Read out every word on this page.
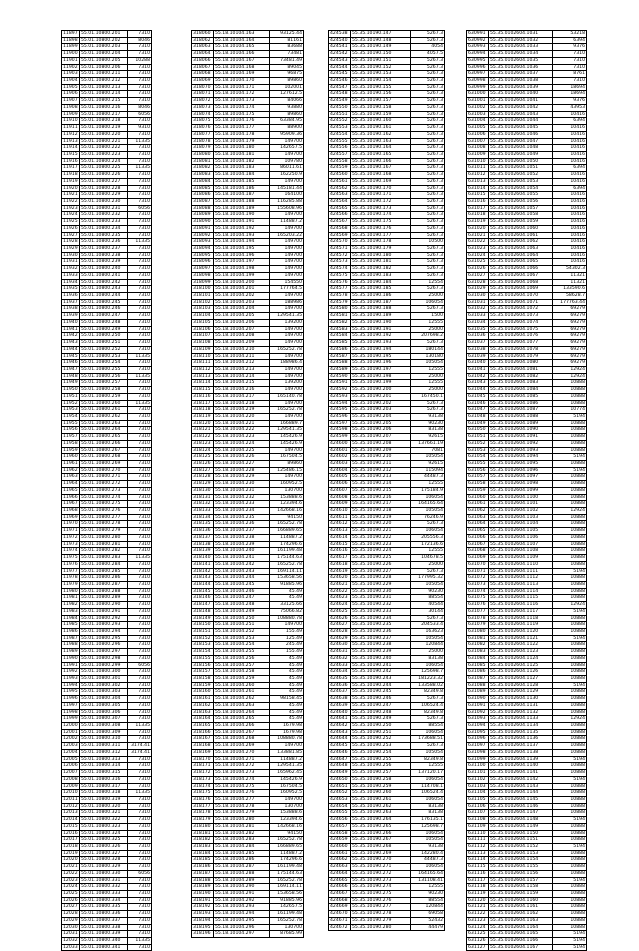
11897	55.01.10800.201	7310
11898	55.01.10800.202	8046
11899	55.01.10800.203	7310
11900	55.01.10800.204	7310
11901	55.01.10800.205	10288
11902	55.01.10800.206	7310
11903	55.01.10800.211	7310
11904	55.01.10800.212	7310
11905	55.01.10800.213	7310
11906	55.01.10800.214	7310
11907	55.01.10800.215	7310
11908	55.01.10800.216	8046
11909	55.01.10800.217	6056
11910	55.01.10800.218	7310
11911	55.01.10800.219	9310
11912	55.01.10800.220	7310
11913	55.01.10800.221	11335
11914	55.01.10800.222	7310
11915	55.01.10800.223	7310
11916	55.01.10800.224	7310
11917	55.01.10800.225	11335
11918	55.01.10800.226	7310
11919	55.01.10800.227	7310
11920	55.01.10800.228	7310
11921	55.01.10800.229	7310
11922	55.01.10800.230	7310
11923	55.01.10800.231	6056
11924	55.01.10800.232	7310
11925	55.01.10800.233	7310
11926	55.01.10800.234	7310
11927	55.01.10800.235	7310
11928	55.01.10800.236	11335
11929	55.01.10800.237	7310
11930	55.01.10800.238	7310
11931	55.01.10800.239	7310
11932	55.01.10800.240	7310
11933	55.01.10800.241	7310
11934	55.01.10800.242	7310
11935	55.01.10800.243	7310
11936	55.01.10800.244	7310
11937	55.01.10800.245	7310
11938	55.01.10800.246	7310
11939	55.01.10800.247	7310
11940	55.01.10800.248	7310
11941	55.01.10800.249	7310
11942	55.01.10800.250	7310
11943	55.01.10800.251	7310
11944	55.01.10800.252	7310
11945	55.01.10800.253	11335
11946	55.01.10800.254	7310
11947	55.01.10800.255	7310
11948	55.01.10800.256	11335
11949	55.01.10800.257	7310
11950	55.01.10800.258	7310
11951	55.01.10800.259	7310
11952	55.01.10800.260	11335
11953	55.01.10800.261	7310
11954	55.01.10800.262	7310
11955	55.01.10800.263	7310
11956	55.01.10800.264	7310
11957	55.01.10800.265	7310
11958	55.01.10800.266	7310
11959	55.01.10800.267	7310
11960	55.01.10800.268	7310
11961	55.01.10800.269	7310
11962	55.01.10800.270	7310
11963	55.01.10800.271	7310
11964	55.01.10800.272	7310
11965	55.01.10800.273	7310
11966	55.01.10800.274	7310
11967	55.01.10800.275	7310
11968	55.01.10800.276	7310
11969	55.01.10800.277	7310
11970	55.01.10800.278	7310
11971	55.01.10800.279	7310
11972	55.01.10800.280	7310
11973	55.01.10800.281	7310
11974	55.01.10800.282	7310
11975	55.01.10800.283	11335
11976	55.01.10800.284	7310
11977	55.01.10800.285	7310
11978	55.01.10800.286	7310
11979	55.01.10800.287	7310
11980	55.01.10800.288	7310
11981	55.01.10800.289	7310
11982	55.01.10800.290	7310
11983	55.01.10800.291	7310
11984	55.01.10800.292	7310
11985	55.01.10800.293	7310
11986	55.01.10800.294	7310
11987	55.01.10800.295	7310
11988	55.01.10800.296	7310
11989	55.01.10800.297	7310
11990	55.01.10800.298	7310
11991	55.01.10800.299	6056
11992	55.01.10800.300	7310
11993	55.01.10800.301	7310
11994	55.01.10800.302	7310
11995	55.01.10800.303	7310
11996	55.01.10800.304	7310
11997	55.01.10800.305	7310
11998	55.01.10800.306	7310
11999	55.01.10800.307	7310
12000	55.01.10800.308	11335
12001	55.01.10800.309	7310
12002	55.01.10800.310	7310
12003	55.01.10800.311	3174.41
12004	55.01.10800.312	3174.41
12005	55.01.10800.313	7310
12006	55.01.10800.314	7310
12007	55.01.10800.315	7310
12008	55.01.10800.316	7310
12009	55.01.10800.317	7310
12010	55.01.10800.318	11335
12011	55.01.10800.319	7310
12012	55.01.10800.320	7310
12013	55.01.10800.321	7310
12014	55.01.10800.322	7310
12015	55.01.10800.323	7310
12016	55.01.10800.324	7310
12017	55.01.10800.325	7310
12018	55.01.10800.326	7310
12019	55.01.10800.327	7310
12020	55.01.10800.328	7310
12021	55.01.10800.329	7310
12022	55.01.10800.330	6056
12023	55.01.10800.331	7310
12024	55.01.10800.332	7310
12025	55.01.10800.333	7310
12026	55.01.10800.334	7310
12027	55.01.10800.335	7310
12028	55.01.10800.336	7310
12029	55.01.10800.337	7310
12030	55.01.10800.338	7310
12031	55.01.10800.339	7310
12032	55.01.10800.340	11335
12033	55.01.10800.341	7310
318060	55.18.10104.163	93125.44
318062	55.18.10104.164	81161
318063	55.18.10104.165	83688
318064	55.18.10104.166	73481
318066	55.18.10104.167	73481.49
318067	55.18.10104.168	89045
318068	55.18.10104.169	96875
318069	55.18.10104.170	89860
318070	55.18.10104.171	102001
318071	55.18.10104.172	127612.5
318072	55.18.10104.173	84066
318073	55.18.10104.174	93880
318074	55.18.10104.175	89860
318075	55.18.10104.176	63384.95
318076	55.18.10104.177	88900
318077	55.18.10104.178	95909.36
318078	55.18.10104.179	149700
318079	55.18.10104.180	142657.5
318080	55.18.10104.181	149700
318081	55.18.10104.182	109780
318082	55.18.10104.183	86011.61
318083	55.18.10104.184	162250.9
318084	55.18.10104.185	149700
318085	55.18.10104.186	145181.44
318086	55.18.10104.187	164100
318087	55.18.10104.188	116285.88
318088	55.18.10104.189	155608.96
318089	55.18.10104.190	149700
318090	55.18.10104.191	114887.2
318091	55.18.10104.192	149700
318092	55.18.10104.193	165203.22
318093	55.18.10104.194	149700
318094	55.18.10104.195	149700
318095	55.18.10104.196	149700
318096	55.18.10104.197	149700
318097	55.18.10104.198	149700
318098	55.18.10104.199	149700
318099	55.18.10104.200	154550
318100	55.18.10104.201	177764.5
318101	55.18.10104.202	149700
318102	55.18.10104.203	188986
318103	55.18.10104.204	149700
318104	55.18.10104.205	129541.35
318105	55.18.10104.206	139200
318106	55.18.10104.207	149700
318107	55.18.10104.208	149700
318108	55.18.10104.209	149700
318109	55.18.10104.210	165252.78
318110	55.18.10104.211	149700
318111	55.18.10104.212	188986.4
318112	55.18.10104.213	149700
318113	55.18.10104.214	149700
318114	55.18.10104.215	139200
318115	55.18.10104.216	149700
318116	55.18.10104.217	165140.78
318117	55.18.10104.218	149700
318118	55.18.10104.219	165252.78
318119	55.18.10104.220	149700
318120	55.18.10104.221	166889.7
318121	55.18.10104.222	129541.35
318122	55.18.10104.223	145426.9
318123	55.18.10104.224	145426.9
318124	55.18.10104.225	149700
318125	55.18.10104.226	167504.5
318126	55.18.10104.227	89860
318127	55.18.10104.228	125486.15
318128	55.18.10104.229	149700
318129	55.18.10104.230	160952.5
318130	55.18.10104.231	130700
318131	55.18.10104.232	153888.6
318132	55.18.10104.233	123394.6
318133	55.18.10104.234	142668.16
318134	55.18.10104.235	94150
318135	55.18.10104.236	165252.78
318136	55.18.10104.237	166889.65
318137	55.18.10104.238	114887.2
318138	55.18.10104.239	174296.6
318139	55.18.10104.240	161199.48
318140	55.18.10104.241	175144.63
318141	55.18.10104.242	165252.78
318142	55.18.10104.243	169114.11
318143	55.18.10104.244	153658.56
318144	55.18.10104.245	91885.96
318145	55.18.10104.246	45.49
318146	55.18.10104.247	45.49
318147	55.18.10104.248	33125.66
318148	55.18.10104.249	75066.82
318149	55.18.10104.250	108880.78
318150	55.18.10104.251	149700
318151	55.18.10104.252	155.49
318152	55.18.10104.253	125.49
318153	55.18.10104.254	245.49
318154	55.18.10104.255	155.49
318155	55.18.10104.256	45.49
318156	55.18.10104.257	45.49
318157	55.18.10104.258	45.49
318158	55.18.10104.259	45.49
318159	55.18.10104.260	45.49
318160	55.18.10104.261	45.49
318161	55.18.10104.262	98158.45
318162	55.18.10104.263	45.49
318163	55.18.10104.264	45.49
318164	55.18.10104.265	45.49
318165	55.18.10104.266	1679.98
318166	55.18.10104.267	1679.98
318167	55.18.10104.268	108880.78
318168	55.18.10104.269	149700
318169	55.18.10104.270	133881.85
318170	55.18.10104.271	114887.2
318171	55.18.10104.272	129541.35
318172	55.18.10104.273	165962.45
318173	55.18.10104.274	145426.9
318174	55.18.10104.275	167504.5
318175	55.18.10104.276	160952.5
318176	55.18.10104.277	149700
318177	55.18.10104.278	130700
318178	55.18.10104.279	153888.6
318179	55.18.10104.280	123394.6
318180	55.18.10104.281	142668.16
318181	55.18.10104.282	94150
318182	55.18.10104.283	165252.78
318183	55.18.10104.284	166889.65
318184	55.18.10104.285	114887.2
318185	55.18.10104.286	174296.6
318186	55.18.10104.287	161199.48
318187	55.18.10104.288	175144.63
318188	55.18.10104.289	165252.78
318189	55.18.10104.290	169114.11
318190	55.18.10104.291	153658.56
318191	55.18.10104.292	91885.96
318192	55.18.10104.293	142657.5
318193	55.18.10104.294	161199.48
318194	55.18.10104.295	165252.78
318195	55.18.10104.296	130700
318196	55.18.10104.297	87685.99
424538	55.35.10190.147	5267.3
424540	55.35.10190.148	5267.3
424541	55.35.10190.149	4054
424542	55.35.10190.150	4057.5
424543	55.35.10190.151	5267.3
424544	55.35.10190.152	5267.3
424545	55.35.10190.153	5267.3
424546	55.35.10190.154	5267.3
424547	55.35.10190.155	5267.3
424548	55.35.10190.156	5267.3
424549	55.35.10190.157	5267.3
424550	55.35.10190.158	5267.3
424551	55.35.10190.159	5267.3
424552	55.35.10190.160	5267.3
424553	55.35.10190.161	5267.3
424554	55.35.10190.162	5267.3
424555	55.35.10190.163	5267.3
424556	55.35.10190.164	5267.3
424557	55.35.10190.165	5267.3
424558	55.35.10190.166	5267.3
424559	55.35.10190.167	5267.3
424560	55.35.10190.168	5267.3
424561	55.35.10190.169	5267.3
424562	55.35.10190.170	5267.3
424563	55.35.10190.171	5267.3
424564	55.35.10190.172	5267.3
424565	55.35.10190.173	5267.3
424566	55.35.10190.174	5267.3
424567	55.35.10190.175	5267.3
424568	55.35.10190.176	5267.3
424569	55.35.10190.177	5267.3
424570	55.35.10190.178	10500
424571	55.35.10190.179	5267.3
424572	55.35.10190.180	5267.3
424573	55.35.10190.181	5267.3
424574	55.35.10190.182	5267.3
424575	55.35.10190.183	5267.3
424576	55.35.10190.184	12554
424577	55.35.10190.185	5267.3
424578	55.35.10190.186	25000
424579	55.35.10190.187	106054
424580	55.35.10190.188	5267.3
424581	55.35.10190.189	1500
424582	55.35.10190.190	12555
424583	55.35.10190.191	25000
424584	55.35.10190.192	207698.2
424585	55.35.10190.193	5267.3
424586	55.35.10190.194	180144
424587	55.35.10190.195	130180
424588	55.35.10190.196	105054
424589	55.35.10190.197	12555
424590	55.35.10190.198	25000
424591	55.35.10190.199	12555
424592	55.35.10190.200	25000
424593	55.35.10190.201	167450.1
424594	55.35.10190.202	5267.3
424595	55.35.10190.203	5267.3
424596	55.35.10190.204	93138
424597	55.35.10190.205	90230
424598	55.35.10190.206	83138
424599	55.35.10190.207	92615
424600	55.35.10190.208	137661.19
424601	55.35.10190.209	7081
424602	55.35.10190.210	105054
424603	55.35.10190.211	92615
424604	55.35.10190.212	115094
424605	55.35.10190.213	44487.3
424606	55.35.10190.214	12555
424607	55.35.10190.215	175184.9
424608	55.35.10190.216	106054
424609	55.35.10190.217	164165.64
424610	55.35.10190.218	105054
424611	55.35.10190.219	76246.9
424612	55.35.10190.220	5267.3
424613	55.35.10190.221	106054
424614	55.35.10190.222	205556.3
424615	55.35.10190.223	172136.6
424616	55.35.10190.224	12555
424617	55.35.10190.225	104678.5
424618	55.35.10190.226	25000
424619	55.35.10190.227	5267.3
424620	55.35.10190.228	177995.32
424621	55.35.10190.229	105054
424622	55.35.10190.230	90230
424623	55.35.10190.231	88554
424624	55.35.10190.232	40544
424625	55.35.10190.233	30144
424626	55.35.10190.234	5267.3
424627	55.35.10190.235	204533.4
424628	55.35.10190.236	163623
424629	55.35.10190.237	105054
424630	55.35.10190.238	120844
424631	55.35.10190.239	25000
424632	55.35.10190.240	83138
424633	55.35.10190.241	106054
424634	55.35.10190.242	125698.7
424635	55.35.10190.243	181223.32
424636	55.35.10190.244	133588.02
424637	55.35.10190.245	82349.8
424638	55.35.10190.246	5267.3
424639	55.35.10190.247	106524.4
424640	55.35.10190.248	82349.8
424641	55.35.10190.249	5267.3
424642	55.35.10190.250	88554
424643	55.35.10190.251	106054
424644	55.35.10190.252	173688.51
424645	55.35.10190.253	5267.3
424646	55.35.10190.254	105054
424647	55.35.10190.255	82349.8
424648	55.35.10190.256	12555
424649	55.35.10190.257	137120.17
424650	55.35.10190.258	106054
424651	55.35.10190.259	114708.1
424652	55.35.10190.260	106524.4
424653	55.35.10190.261	106054
424654	55.35.10190.262	83138
424655	55.35.10190.263	83138
424656	55.35.10190.264	176135.1
424657	55.35.10190.265	125698.7
424658	55.35.10190.266	106054
424659	55.35.10190.267	105054
424660	55.35.10190.268	93138
424661	55.35.10190.269	142280.4
424662	55.35.10190.270	44487.3
424663	55.35.10190.271	106054
424664	55.35.10190.272	164165.64
424665	55.35.10190.273	131108.41
424666	55.35.10190.274	12555
424667	55.35.10190.275	90230
424668	55.35.10190.276	88554
424669	55.35.10190.277	120844
424670	55.35.10190.278	69058
424671	55.35.10190.279	52432
424672	55.35.10190.280	44479
630991	55.35.0102604.1031	53218
630992	55.35.0102604.1032	6394
630993	55.35.0102604.1033	9376
630994	55.35.0102604.1034	7310
630995	55.35.0102604.1035	7310
630996	55.35.0102604.1036	7310
630997	55.35.0102604.1037	8761
630998	55.35.0102604.1038	7310
630999	55.35.0102604.1039	18694
631000	55.35.0102604.1040	18694
631001	55.35.0102604.1041	9376
631002	55.35.0102604.1042	43953
631003	55.35.0102604.1043	10416
631004	55.35.0102604.1044	6394
631005	55.35.0102604.1045	10416
631006	55.35.0102604.1046	10416
631007	55.35.0102604.1047	10416
631008	55.35.0102604.1048	10416
631009	55.35.0102604.1049	10416
631010	55.35.0102604.1050	10416
631011	55.35.0102604.1051	6394
631012	55.35.0102604.1052	10416
631013	55.35.0102604.1053	10416
631014	55.35.0102604.1054	6394
631015	55.35.0102604.1055	10416
631016	55.35.0102604.1056	10416
631017	55.35.0102604.1057	10416
631018	55.35.0102604.1058	10416
631019	55.35.0102604.1059	10416
631020	55.35.0102604.1060	10416
631021	55.35.0102604.1061	10416
631022	55.35.0102604.1062	10416
631023	55.35.0102604.1063	10416
631024	55.35.0102604.1064	10416
631025	55.35.0102604.1065	10416
631026	55.35.0102604.1066	54302.3
631027	55.35.0102604.1067	11321
631028	55.35.0102604.1068	11321
631029	55.35.0102604.1069	133590.6
631030	55.35.0102604.1070	58628.7
631031	55.35.0102604.1071	177763.44
631032	55.35.0102604.1072	69279
631033	55.35.0102604.1073	69279
631034	55.35.0102604.1074	69279
631035	55.35.0102604.1075	69279
631036	55.35.0102604.1076	69279
631037	55.35.0102604.1077	69279
631038	55.35.0102604.1078	69279
631039	55.35.0102604.1079	69279
631040	55.35.0102604.1080	69279
631041	55.35.0102604.1081	12924
631042	55.35.0102604.1082	12924
631043	55.35.0102604.1083	10888
631044	55.35.0102604.1084	10888
631045	55.35.0102604.1085	10888
631046	55.35.0102604.1086	10888
631047	55.35.0102604.1087	10774
631048	55.35.0102604.1088	5194
631049	55.35.0102604.1089	10888
631050	55.35.0102604.1090	10888
631051	55.35.0102604.1091	10888
631052	55.35.0102604.1092	10888
631053	55.35.0102604.1093	10888
631054	55.35.0102604.1094	5194
631055	55.35.0102604.1095	10888
631056	55.35.0102604.1096	5194
631057	55.35.0102604.1097	10888
631058	55.35.0102604.1098	10888
631059	55.35.0102604.1099	10888
631060	55.35.0102604.1100	10888
631061	55.35.0102604.1101	10888
631062	55.35.0102604.1102	12924
631063	55.35.0102604.1103	10888
631064	55.35.0102604.1104	10888
631065	55.35.0102604.1105	10888
631066	55.35.0102604.1106	10888
631067	55.35.0102604.1107	10888
631068	55.35.0102604.1108	10888
631069	55.35.0102604.1109	10888
631070	55.35.0102604.1110	10888
631071	55.35.0102604.1111	5194
631072	55.35.0102604.1112	10888
631073	55.35.0102604.1113	10888
631074	55.35.0102604.1114	10888
631075	55.35.0102604.1115	10888
631076	55.35.0102604.1116	12924
631077	55.35.0102604.1117	5194
631078	55.35.0102604.1118	10888
631079	55.35.0102604.1119	10888
631080	55.35.0102604.1120	10888
631081	55.35.0102604.1121	5194
631082	55.35.0102604.1122	10888
631083	55.35.0102604.1123	10888
631084	55.35.0102604.1124	10888
631085	55.35.0102604.1125	10888
631086	55.35.0102604.1126	10888
631087	55.35.0102604.1127	10888
631088	55.35.0102604.1128	5194
631089	55.35.0102604.1129	10888
631090	55.35.0102604.1130	10888
631091	55.35.0102604.1131	10888
631092	55.35.0102604.1132	10888
631093	55.35.0102604.1133	12924
631094	55.35.0102604.1134	10888
631095	55.35.0102604.1135	10888
631096	55.35.0102604.1136	10888
631097	55.35.0102604.1137	10888
631098	55.35.0102604.1138	10888
631099	55.35.0102604.1139	5194
631100	55.35.0102604.1140	10888
631101	55.35.0102604.1141	10888
631102	55.35.0102604.1142	5194
631103	55.35.0102604.1143	10888
631104	55.35.0102604.1144	10888
631105	55.35.0102604.1145	10888
631106	55.35.0102604.1146	10888
631107	55.35.0102604.1147	10888
631108	55.35.0102604.1148	5194
631109	55.35.0102604.1149	10888
631110	55.35.0102604.1150	10888
631111	55.35.0102604.1151	10888
631112	55.35.0102604.1152	5194
631113	55.35.0102604.1153	10888
631114	55.35.0102604.1154	10888
631115	55.35.0102604.1155	10888
631116	55.35.0102604.1156	10888
631117	55.35.0102604.1157	5194
631118	55.35.0102604.1158	10888
631119	55.35.0102604.1159	10888
631120	55.35.0102604.1160	10888
631121	55.35.0102604.1161	10888
631122	55.35.0102604.1162	10888
631123	55.35.0102604.1163	10888
631124	55.35.0102604.1164	10888
631125	55.35.0102604.1165	5194
631126	55.35.0102604.1166	5194
631127	55.35.0102604.1167	5194
